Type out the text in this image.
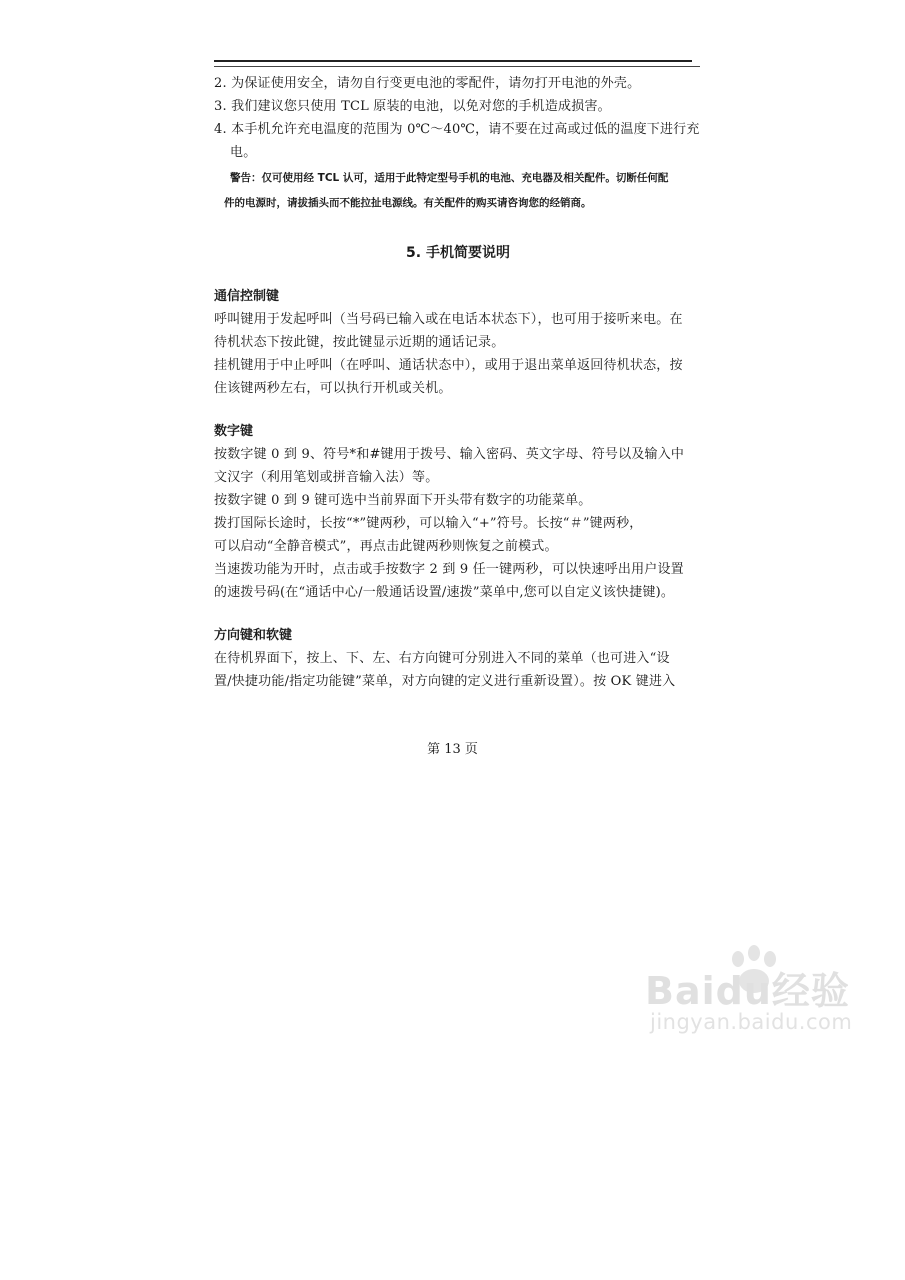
2. 为保证使用安全，请勿自行变更电池的零配件，请勿打开电池的外壳。
3. 我们建议您只使用 TCL 原装的电池，以免对您的手机造成损害。
4. 本手机允许充电温度的范围为 0℃～40℃，请不要在过高或过低的温度下进行充
电。
警告：仅可使用经 TCL 认可，适用于此特定型号手机的电池、充电器及相关配件。切断任何配
件的电源时，请拔插头而不能拉扯电源线。有关配件的购买请咨询您的经销商。
5. 手机简要说明
通信控制键
呼叫键用于发起呼叫（当号码已输入或在电话本状态下），也可用于接听来电。在
待机状态下按此键，按此键显示近期的通话记录。
挂机键用于中止呼叫（在呼叫、通话状态中），或用于退出菜单返回待机状态，按
住该键两秒左右，可以执行开机或关机。
数字键
按数字键 0 到 9、符号*和#键用于拨号、输入密码、英文字母、符号以及输入中
文汉字（利用笔划或拼音输入法）等。
按数字键 0 到 9 键可选中当前界面下开头带有数字的功能菜单。
拨打国际长途时，长按“*”键两秒，可以输入“+”符号。长按“＃”键两秒，
可以启动“全静音模式”，再点击此键两秒则恢复之前模式。
当速拨功能为开时，点击或手按数字 2 到 9 任一键两秒，可以快速呼出用户设置
的速拨号码(在“通话中心/一般通话设置/速拨”菜单中,您可以自定义该快捷键)。
方向键和软键
在待机界面下，按上、下、左、右方向键可分别进入不同的菜单（也可进入“设
置/快捷功能/指定功能键”菜单，对方向键的定义进行重新设置）。按 OK 键进入
第 13 页
Baidu经验
jingyan.baidu.com
